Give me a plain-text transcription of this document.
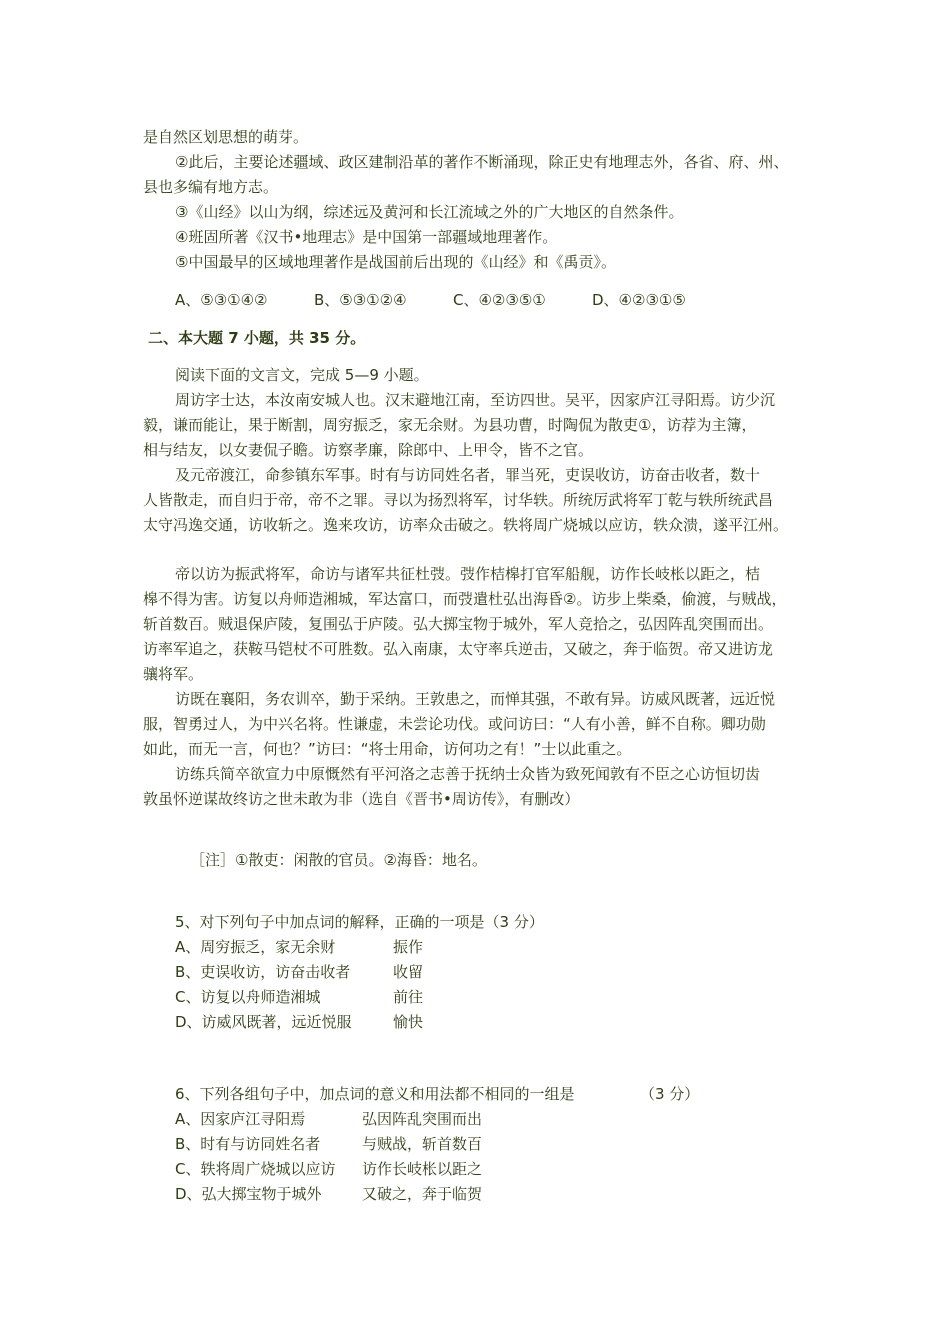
是自然区划思想的萌芽。
②此后，主要论述疆域、政区建制沿革的著作不断涌现，除正史有地理志外，各省、府、州、
县也多编有地方志。
③《山经》以山为纲，综述远及黄河和长江流域之外的广大地区的自然条件。
④班固所著《汉书•地理志》是中国第一部疆域地理著作。
⑤中国最早的区域地理著作是战国前后出现的《山经》和《禹贡》。
A、⑤③①④②	B、⑤③①②④	C、④②③⑤①	D、④②③①⑤
二、本大题 7 小题，共 35 分。
阅读下面的文言文，完成 5—9 小题。
周访字士达，本汝南安城人也。汉末避地江南，至访四世。吴平，因家庐江寻阳焉。访少沉
毅，谦而能让，果于断割，周穷振乏，家无余财。为县功曹，时陶侃为散吏①，访荐为主簿，
相与结友，以女妻侃子瞻。访察孝廉，除郎中、上甲令，皆不之官。
及元帝渡江，命参镇东军事。时有与访同姓名者，罪当死，吏误收访，访奋击收者，数十
人皆散走，而自归于帝，帝不之罪。寻以为扬烈将军，讨华轶。所统厉武将军丁乾与轶所统武昌
太守冯逸交通，访收斩之。逸来攻访，访率众击破之。轶将周广烧城以应访，轶众溃，遂平江州。
帝以访为振武将军，命访与诸军共征杜弢。弢作桔槔打官军船舰，访作长岐枨以距之，桔
槔不得为害。访复以舟师造湘城，军达富口，而弢遣杜弘出海昏②。访步上柴桑，偷渡，与贼战，
斩首数百。贼退保庐陵，复围弘于庐陵。弘大掷宝物于城外，军人竞拾之，弘因阵乱突围而出。
访率军追之，获鞍马铠杖不可胜数。弘入南康，太守率兵逆击，又破之，奔于临贺。帝又进访龙
骧将军。
访既在襄阳，务农训卒，勤于采纳。王敦患之，而惮其强，不敢有异。访威风既著，远近悦
服，智勇过人，为中兴名将。性谦虚，未尝论功伐。或问访曰：“人有小善，鲜不自称。卿功勋
如此，而无一言，何也？”访曰：“将士用命，访何功之有！”士以此重之。
访练兵简卒欲宣力中原慨然有平河洛之志善于抚纳士众皆为致死闻敦有不臣之心访恒切齿
敦虽怀逆谋故终访之世未敢为非（选自《晋书•周访传》，有删改）
［注］①散吏：闲散的官员。②海昏：地名。
5、对下列句子中加点词的解释，正确的一项是（3 分）
A、周穷振乏，家无余财	振作
B、吏误收访，访奋击收者	收留
C、访复以舟师造湘城	前往
D、访威风既著，远近悦服	愉快
6、下列各组句子中，加点词的意义和用法都不相同的一组是	（3 分）
A、因家庐江寻阳焉	弘因阵乱突围而出
B、时有与访同姓名者	与贼战，斩首数百
C、轶将周广烧城以应访 访作长岐枨以距之
D、弘大掷宝物于城外	又破之，奔于临贺
